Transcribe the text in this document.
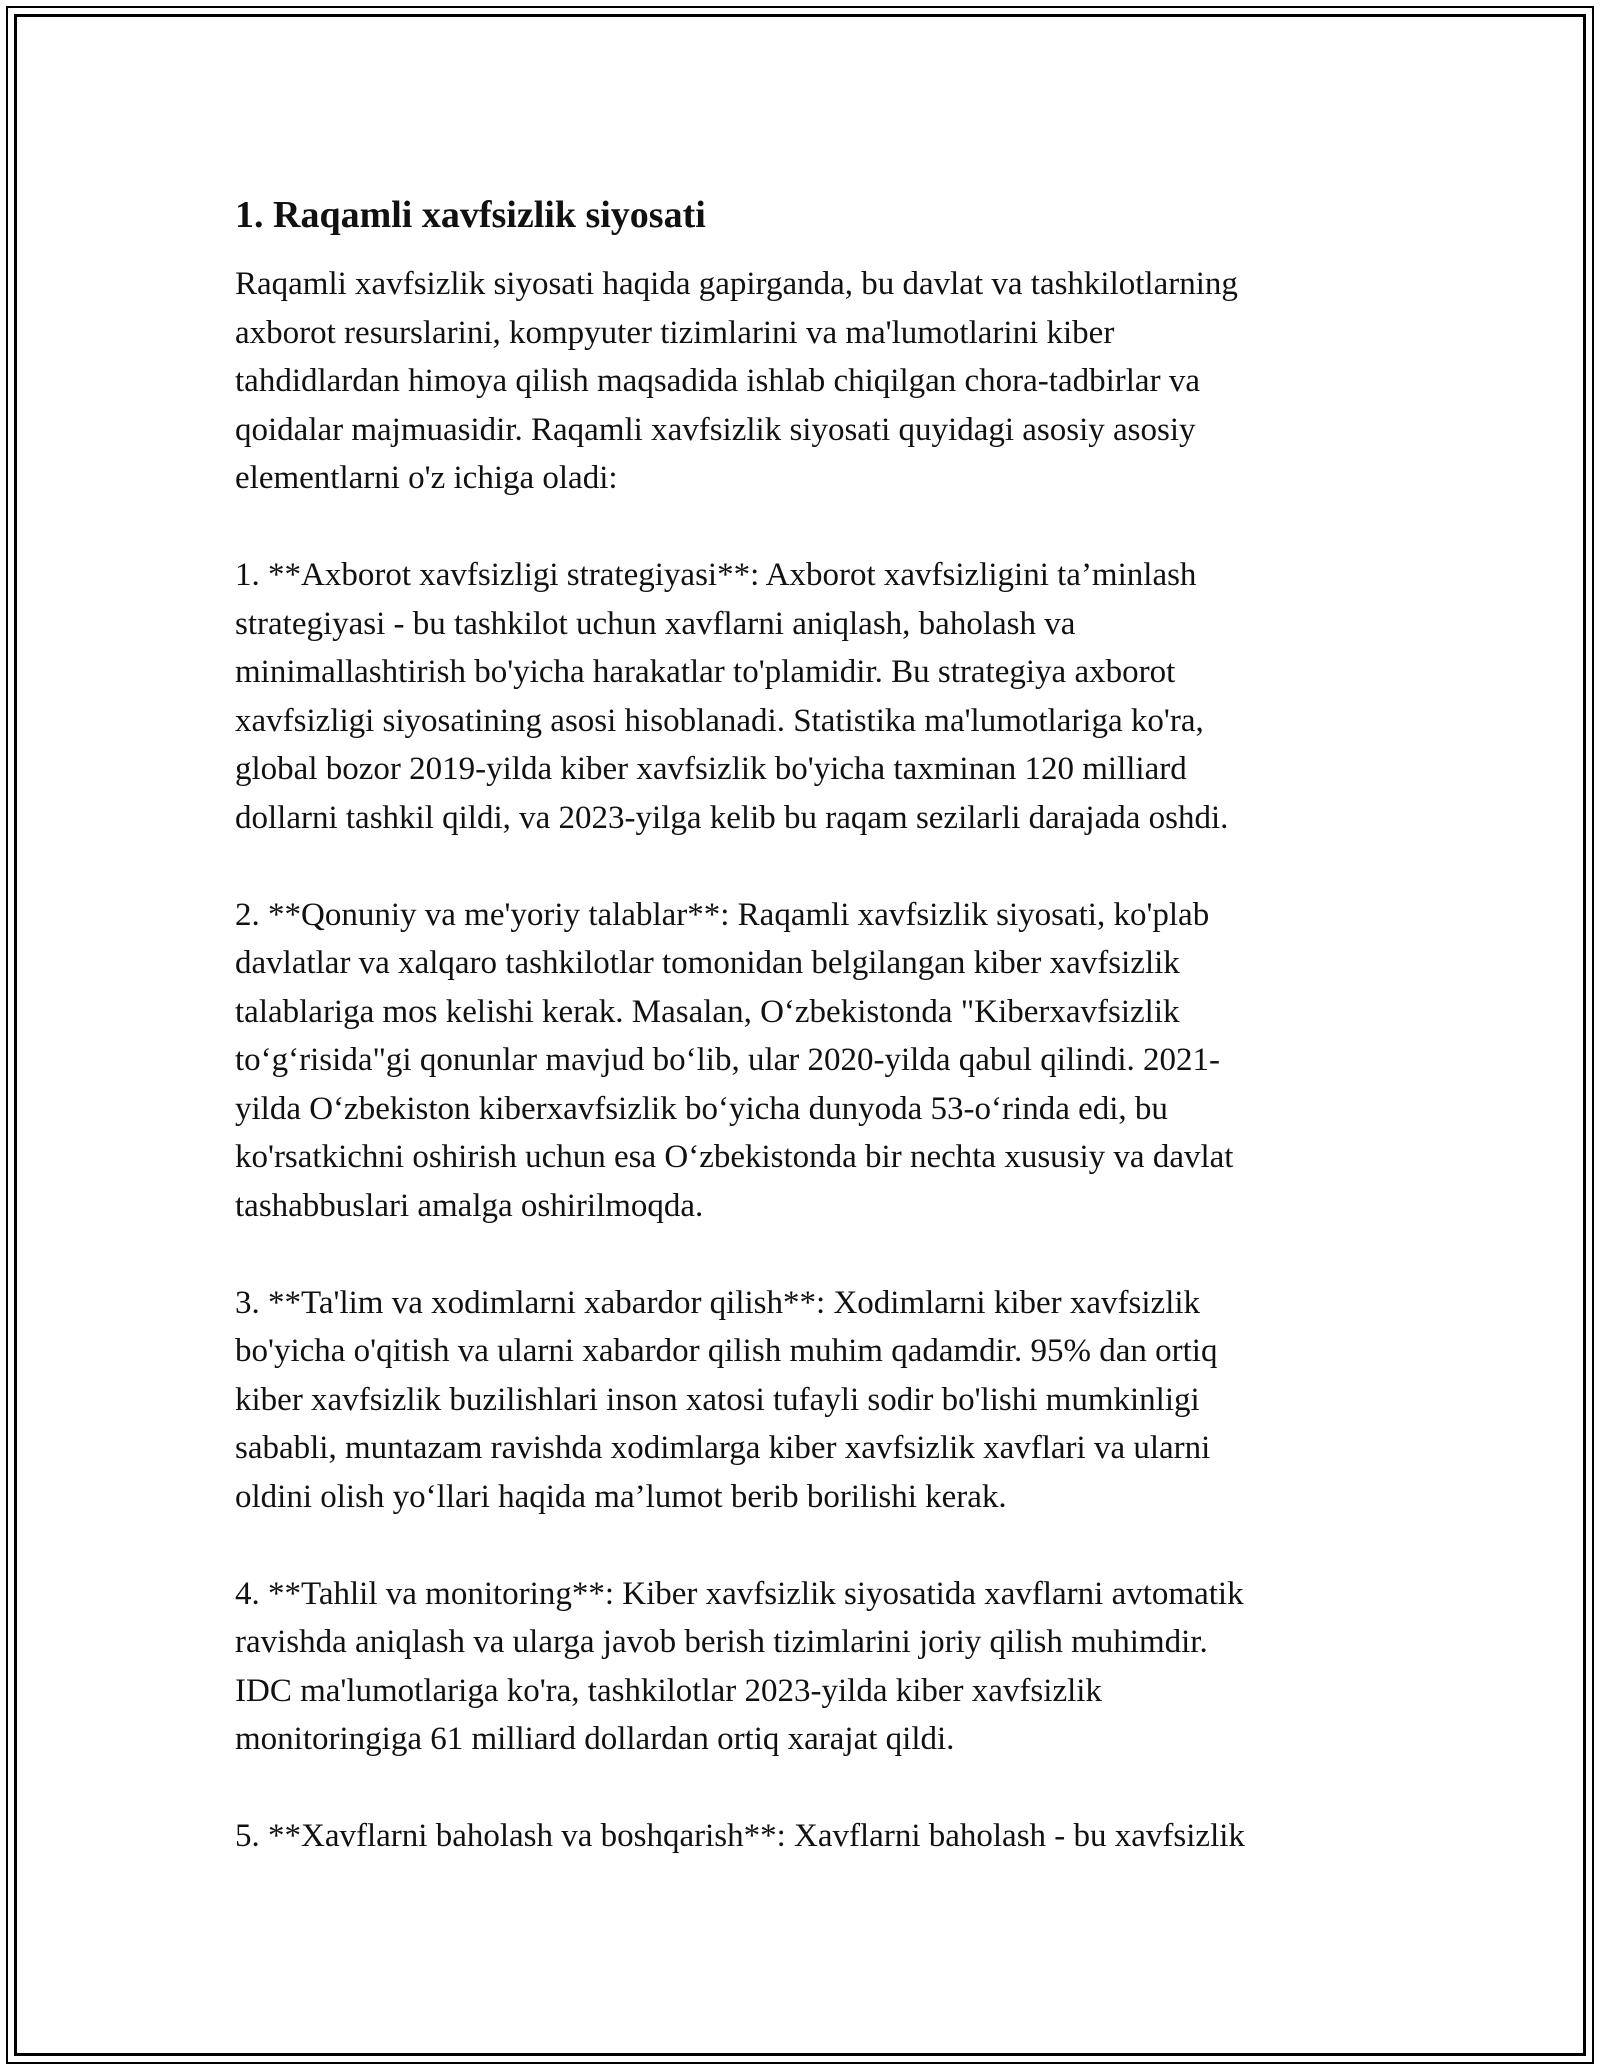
1. Raqamli xavfsizlik siyosati

Raqamli xavfsizlik siyosati haqida gapirganda, bu davlat va tashkilotlarning
axborot resurslarini, kompyuter tizimlarini va ma'lumotlarini kiber
tahdidlardan himoya qilish maqsadida ishlab chiqilgan chora-tadbirlar va
qoidalar majmuasidir. Raqamli xavfsizlik siyosati quyidagi asosiy asosiy
elementlarni o'z ichiga oladi:

1. **Axborot xavfsizligi strategiyasi**: Axborot xavfsizligini ta’minlash
strategiyasi - bu tashkilot uchun xavflarni aniqlash, baholash va
minimallashtirish bo'yicha harakatlar to'plamidir. Bu strategiya axborot
xavfsizligi siyosatining asosi hisoblanadi. Statistika ma'lumotlariga ko'ra,
global bozor 2019-yilda kiber xavfsizlik bo'yicha taxminan 120 milliard
dollarni tashkil qildi, va 2023-yilga kelib bu raqam sezilarli darajada oshdi.

2. **Qonuniy va me'yoriy talablar**: Raqamli xavfsizlik siyosati, ko'plab
davlatlar va xalqaro tashkilotlar tomonidan belgilangan kiber xavfsizlik
talablariga mos kelishi kerak. Masalan, O‘zbekistonda "Kiberxavfsizlik
to‘g‘risida"gi qonunlar mavjud bo‘lib, ular 2020-yilda qabul qilindi. 2021-
yilda O‘zbekiston kiberxavfsizlik bo‘yicha dunyoda 53-o‘rinda edi, bu
ko'rsatkichni oshirish uchun esa O‘zbekistonda bir nechta xususiy va davlat
tashabbuslari amalga oshirilmoqda.

3. **Ta'lim va xodimlarni xabardor qilish**: Xodimlarni kiber xavfsizlik
bo'yicha o'qitish va ularni xabardor qilish muhim qadamdir. 95% dan ortiq
kiber xavfsizlik buzilishlari inson xatosi tufayli sodir bo'lishi mumkinligi
sababli, muntazam ravishda xodimlarga kiber xavfsizlik xavflari va ularni
oldini olish yo‘llari haqida ma’lumot berib borilishi kerak.

4. **Tahlil va monitoring**: Kiber xavfsizlik siyosatida xavflarni avtomatik
ravishda aniqlash va ularga javob berish tizimlarini joriy qilish muhimdir.
IDC ma'lumotlariga ko'ra, tashkilotlar 2023-yilda kiber xavfsizlik
monitoringiga 61 milliard dollardan ortiq xarajat qildi.

5. **Xavflarni baholash va boshqarish**: Xavflarni baholash - bu xavfsizlik
